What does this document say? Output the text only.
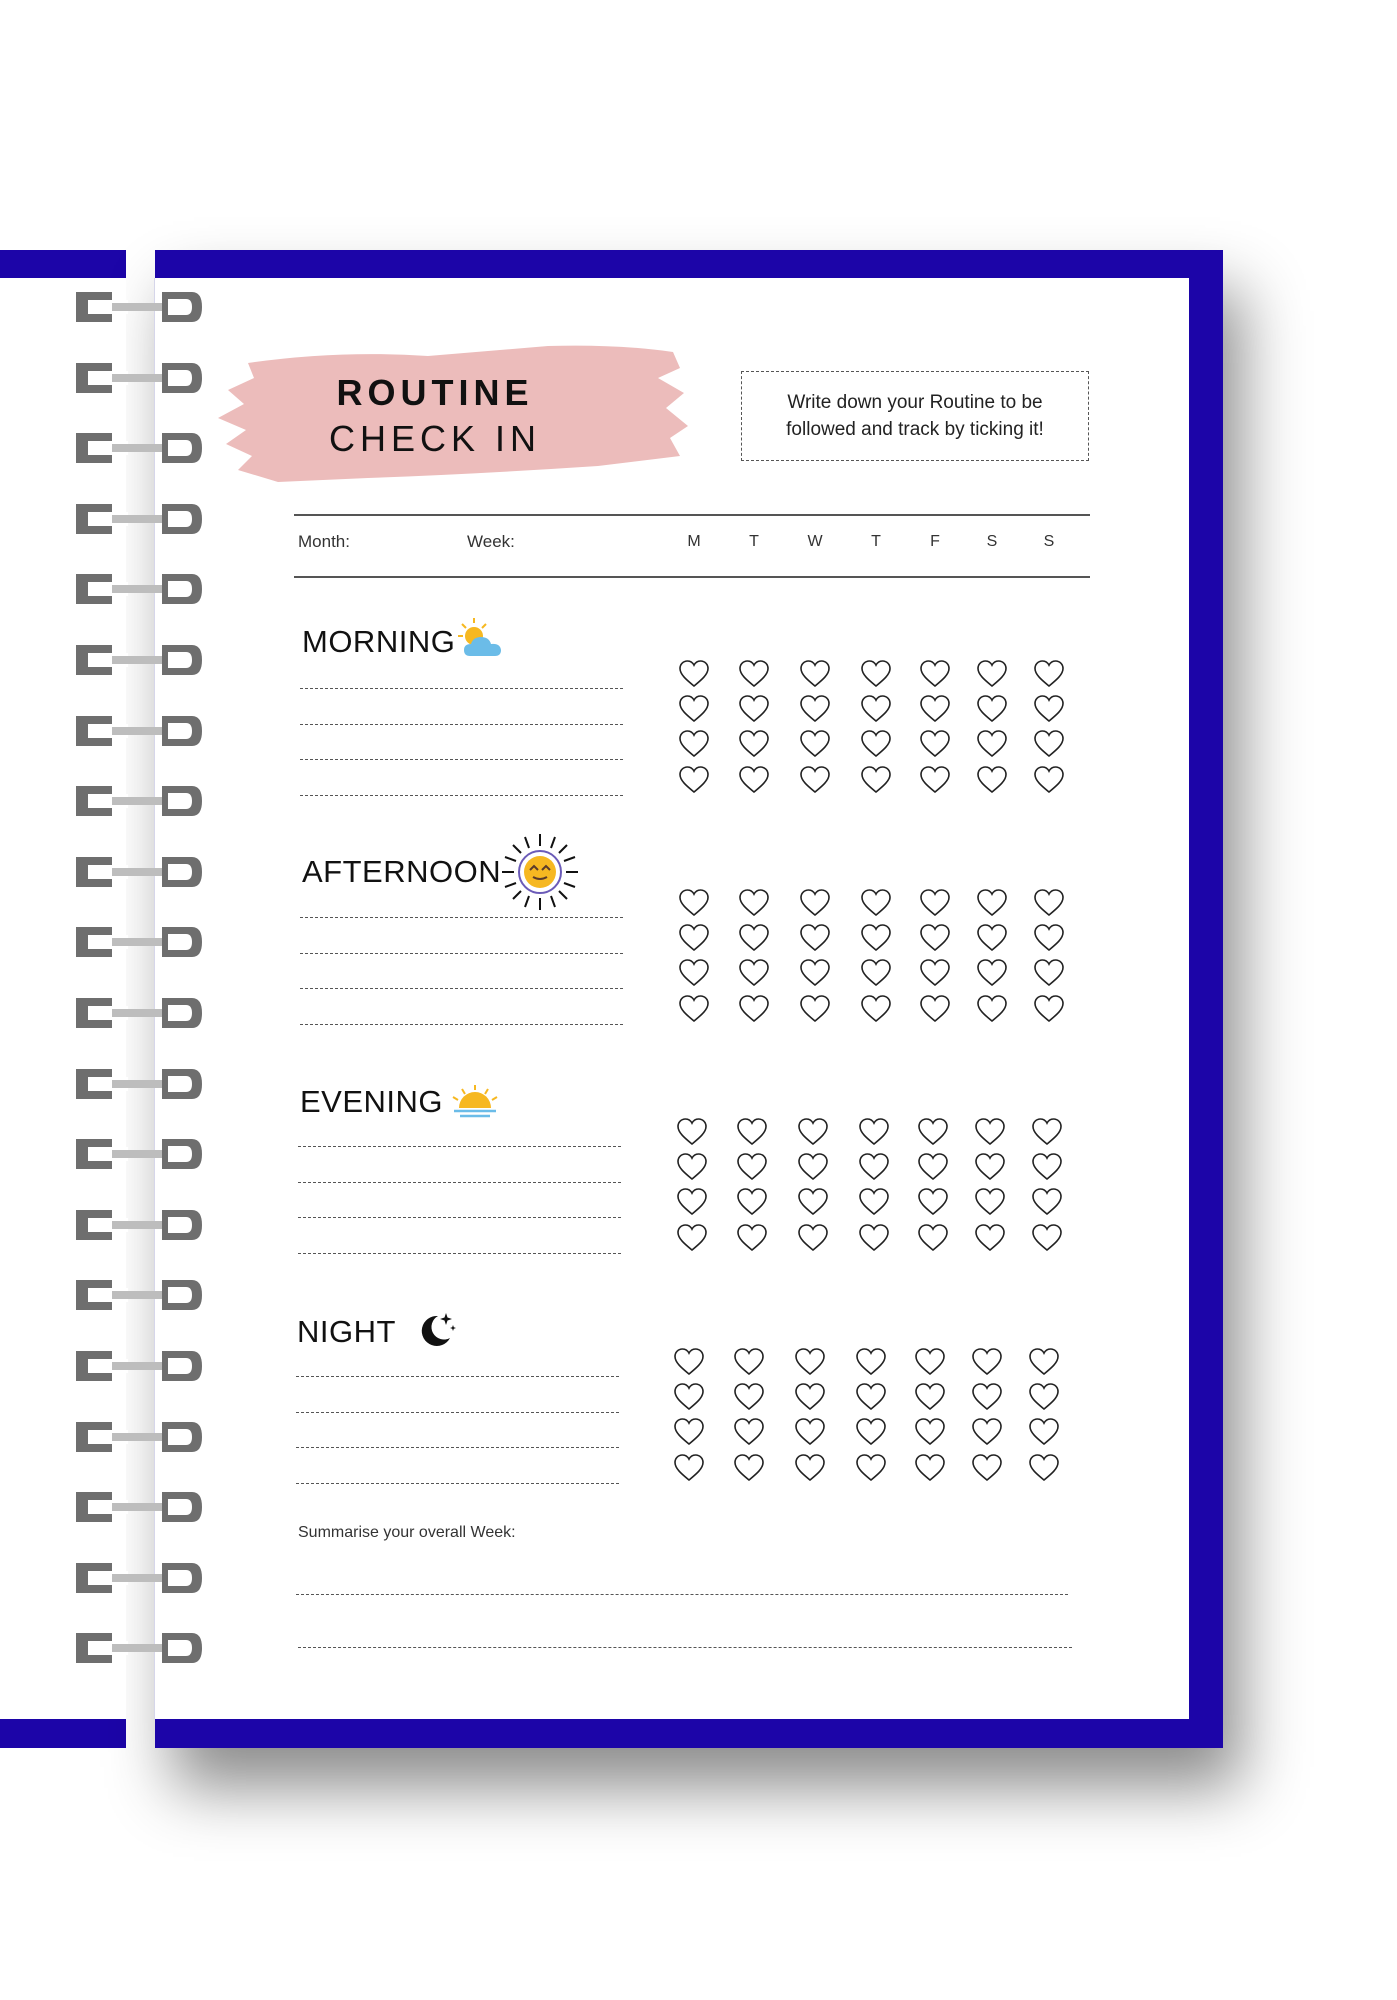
ROUTINE
CHECK IN
Write down your Routine to be followed and track by ticking it!
Month:	Week:	M	T	W	T	F	S	S
MORNING
AFTERNOON
EVENING
NIGHT
Summarise your overall Week:
